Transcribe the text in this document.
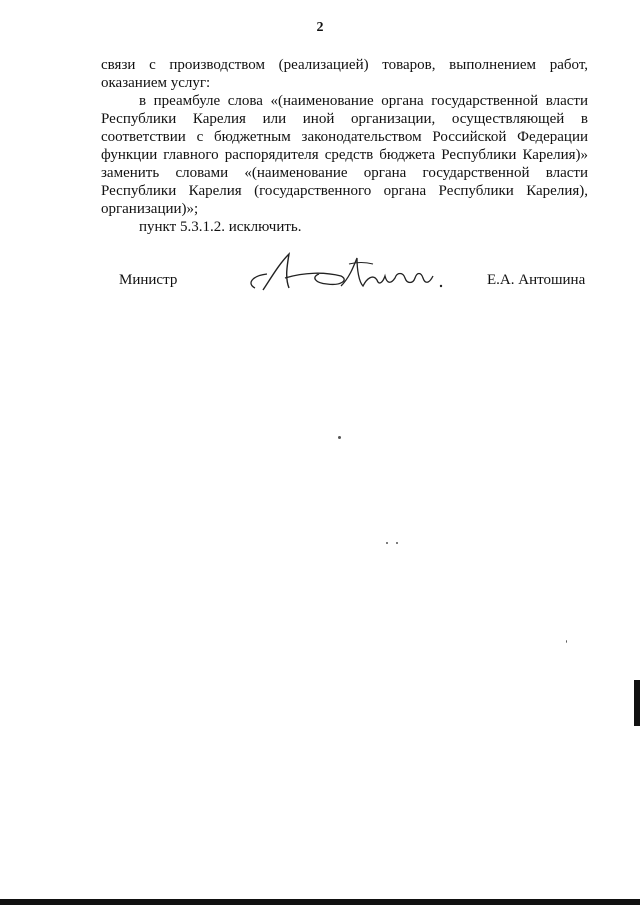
2

связи с производством (реализацией) товаров, выполнением работ, оказанием услуг:

в преамбуле слова «(наименование органа государственной власти Республики Карелия или иной организации, осуществляющей в соответствии с бюджетным законодательством Российской Федерации функции главного распорядителя средств бюджета Республики Карелия)» заменить словами «(наименование органа государственной власти Республики Карелия (государственного органа Республики Карелия), организации)»;

пункт 5.3.1.2. исключить.

Министр	Е.А. Антошина
